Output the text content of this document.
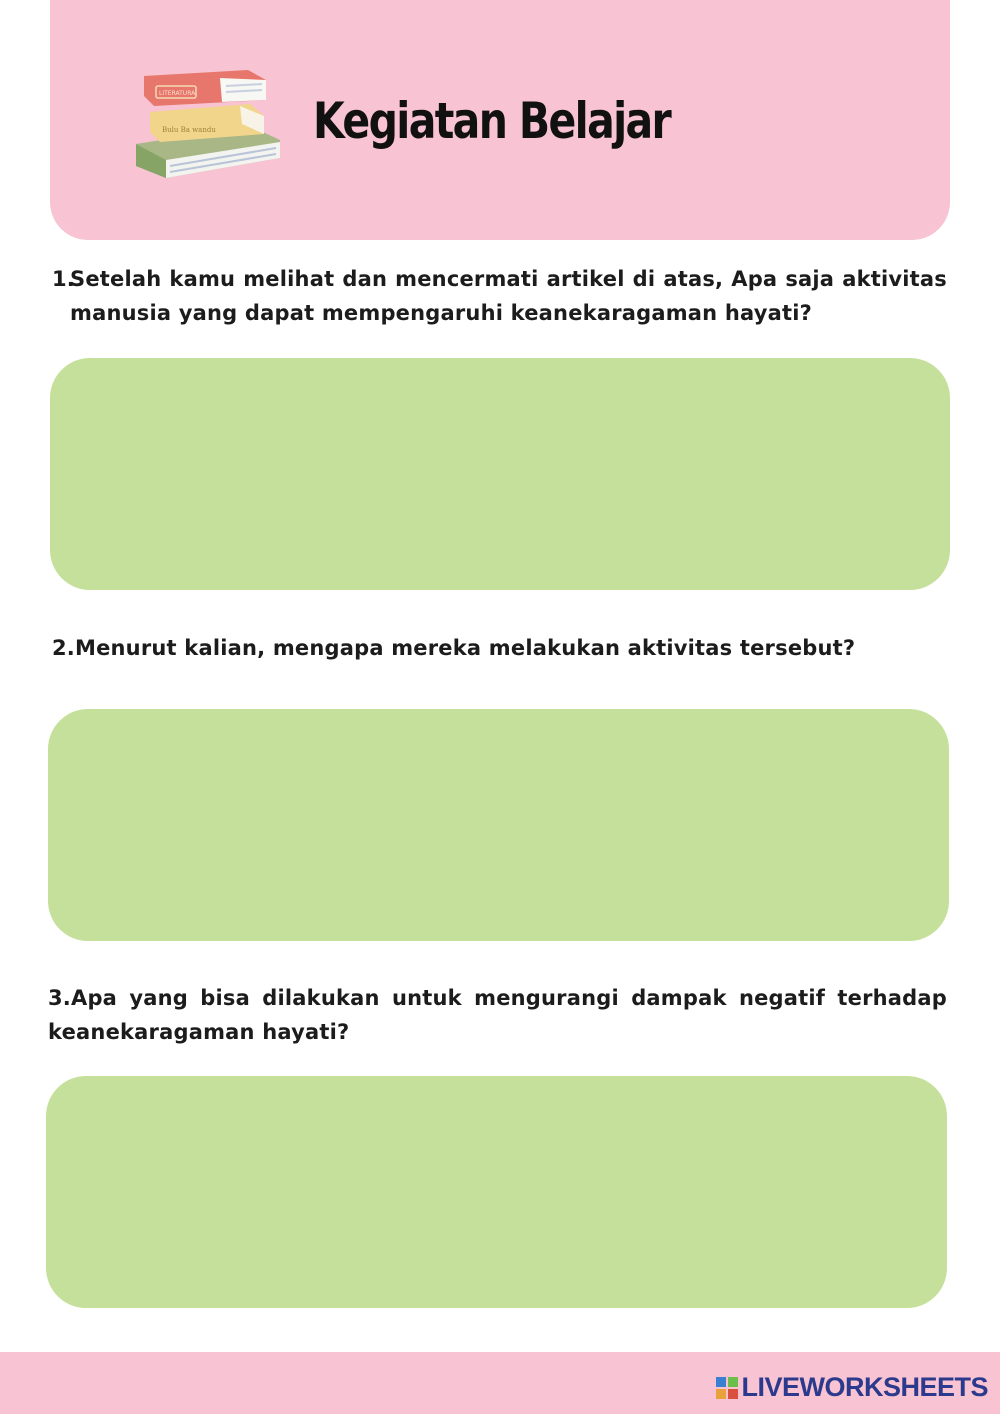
Bulu Ba wandu
LITERATURA Kegiatan Belajar
1.
Setelah kamu melihat dan mencermati artikel di atas, Apa saja aktivitas manusia yang dapat mempengaruhi keanekaragaman hayati?
2.Menurut kalian, mengapa mereka melakukan aktivitas tersebut?
3.Apa yang bisa dilakukan untuk mengurangi dampak negatif terhadap keanekaragaman hayati?
LIVEWORKSHEETS
